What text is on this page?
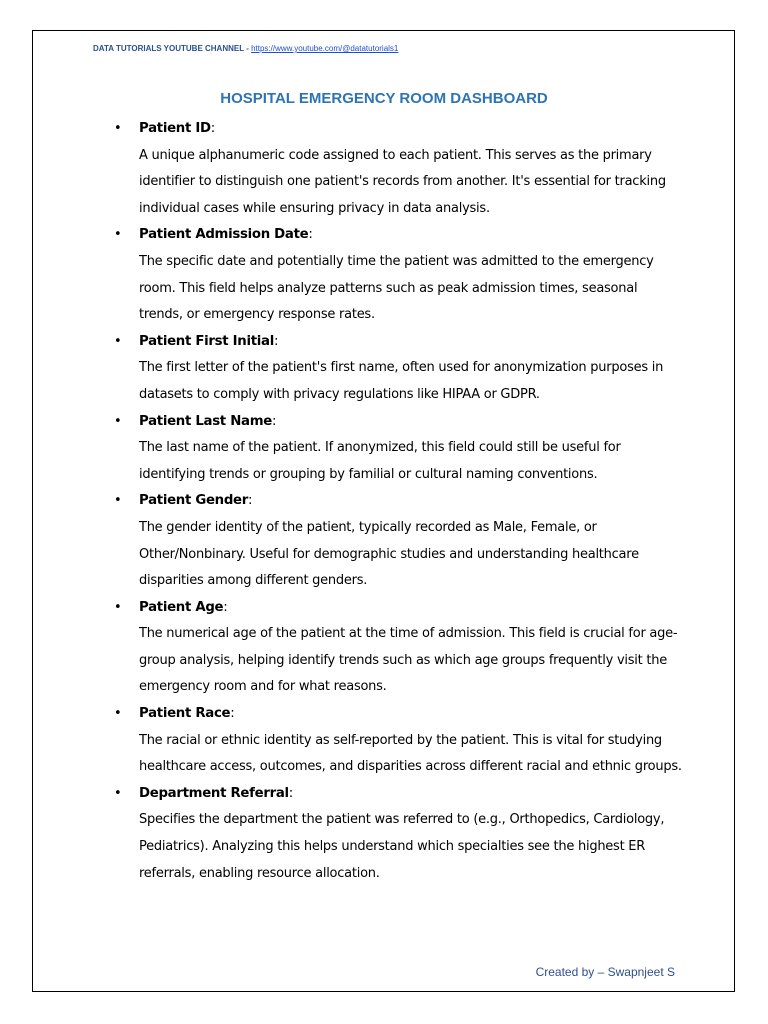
DATA TUTORIALS YOUTUBE CHANNEL - https://www.youtube.com/@datatutorials1
HOSPITAL EMERGENCY ROOM DASHBOARD
• Patient ID :

A unique alphanumeric code assigned to each patient. This serves as the primary identifier to distinguish one patient's records from another. It's essential for tracking individual cases while ensuring privacy in data analysis.

• Patient Admission Date :

The specific date and potentially time the patient was admitted to the emergency room. This field helps analyze patterns such as peak admission times, seasonal trends, or emergency response rates.

• Patient First Initial :

The first letter of the patient's first name, often used for anonymization purposes in datasets to comply with privacy regulations like HIPAA or GDPR.

• Patient Last Name :

The last name of the patient. If anonymized, this field could still be useful for identifying trends or grouping by familial or cultural naming conventions.

• Patient Gender :

The gender identity of the patient, typically recorded as Male, Female, or Other/Nonbinary. Useful for demographic studies and understanding healthcare disparities among different genders.

• Patient Age :

The numerical age of the patient at the time of admission. This field is crucial for age-group analysis, helping identify trends such as which age groups frequently visit the emergency room and for what reasons.

• Patient Race :

The racial or ethnic identity as self-reported by the patient. This is vital for studying healthcare access, outcomes, and disparities across different racial and ethnic groups.

• Department Referral :

Specifies the department the patient was referred to (e.g., Orthopedics, Cardiology, Pediatrics). Analyzing this helps understand which specialties see the highest ER referrals, enabling resource allocation.

Created by – Swapnjeet S
